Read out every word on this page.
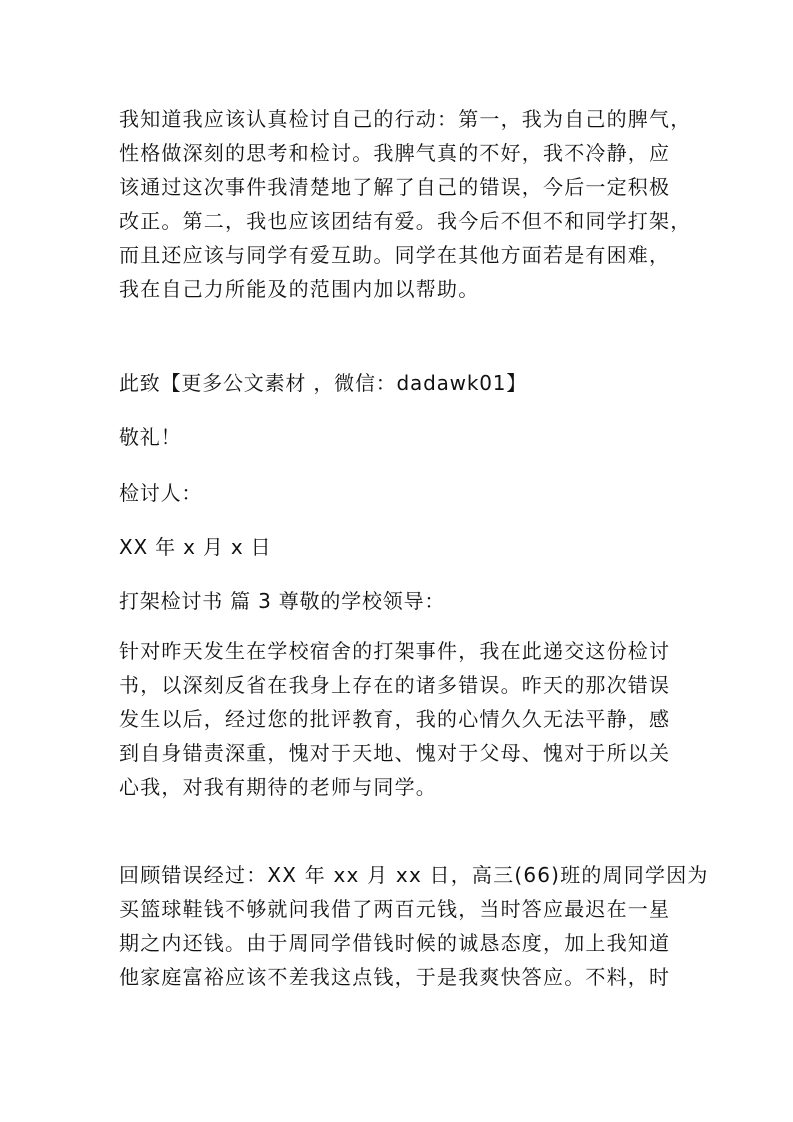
我知道我应该认真检讨自己的行动：第一，我为自己的脾气，
性格做深刻的思考和检讨。我脾气真的不好，我不冷静，应
该通过这次事件我清楚地了解了自己的错误，今后一定积极
改正。第二，我也应该团结有爱。我今后不但不和同学打架，
而且还应该与同学有爱互助。同学在其他方面若是有困难，
我在自己力所能及的范围内加以帮助。
此致【更多公文素材 ，微信：dadawk01】
敬礼！
检讨人：
XX 年 x 月 x 日
打架检讨书 篇 3 尊敬的学校领导：
针对昨天发生在学校宿舍的打架事件，我在此递交这份检讨
书，以深刻反省在我身上存在的诸多错误。昨天的那次错误
发生以后，经过您的批评教育，我的心情久久无法平静，感
到自身错责深重，愧对于天地、愧对于父母、愧对于所以关
心我，对我有期待的老师与同学。
回顾错误经过：XX 年 xx 月 xx 日，高三(66)班的周同学因为
买篮球鞋钱不够就问我借了两百元钱，当时答应最迟在一星
期之内还钱。由于周同学借钱时候的诚恳态度，加上我知道
他家庭富裕应该不差我这点钱，于是我爽快答应。不料，时
